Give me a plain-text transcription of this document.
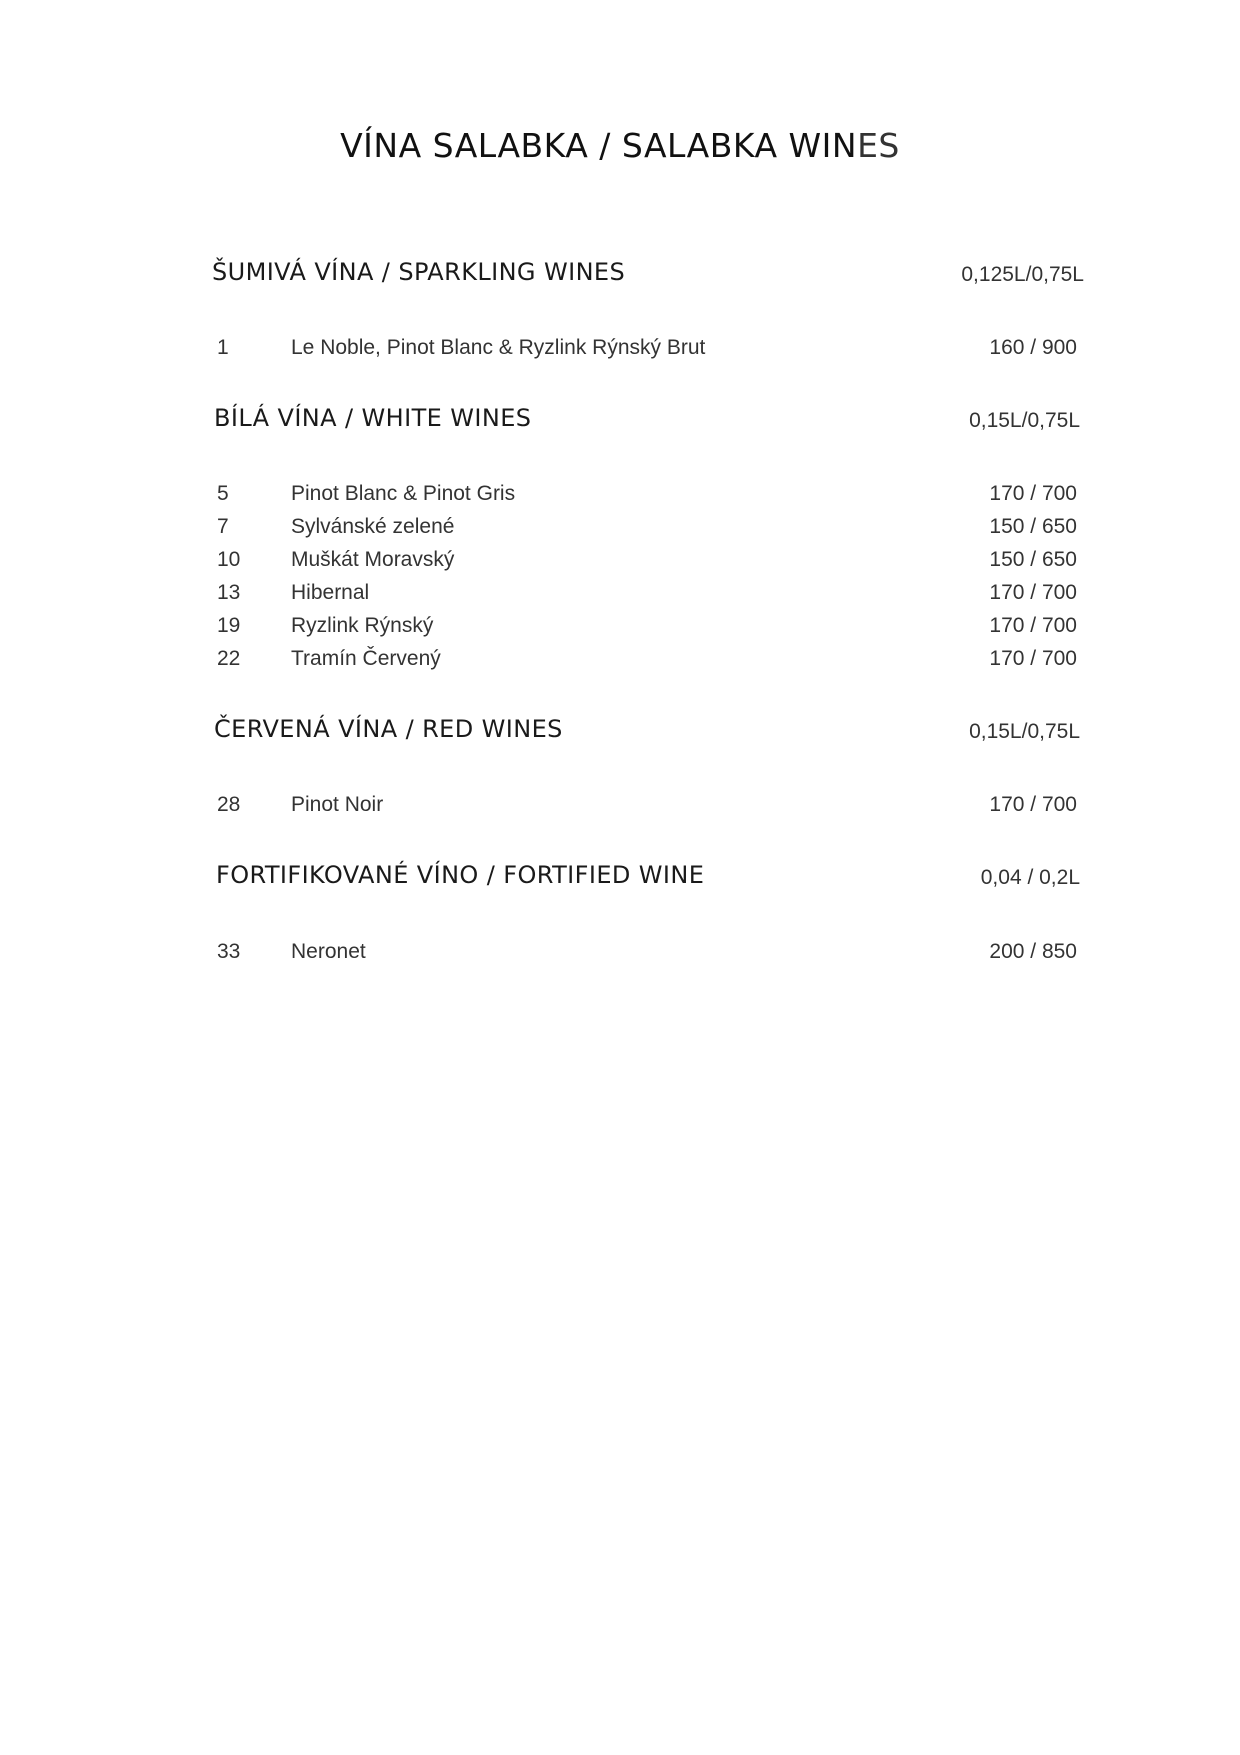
VÍNA SALABKA / SALABKA WINES
ŠUMIVÁ VÍNA / SPARKLING WINES	0,125L/0,75L
1	Le Noble, Pinot Blanc & Ryzlink Rýnský Brut	160 / 900
BÍLÁ VÍNA / WHITE WINES	0,15L/0,75L
5	Pinot Blanc & Pinot Gris	170 / 700
7	Sylvánské zelené	150 / 650
10 Muškát Moravský	150 / 650
13 Hibernal	170 / 700
19 Ryzlink Rýnský	170 / 700
22 Tramín Červený	170 / 700
ČERVENÁ VÍNA / RED WINES	0,15L/0,75L
28 Pinot Noir	170 / 700
FORTIFIKOVANÉ VÍNO / FORTIFIED WINE	0,04 / 0,2L
33 Neronet	200 / 850
